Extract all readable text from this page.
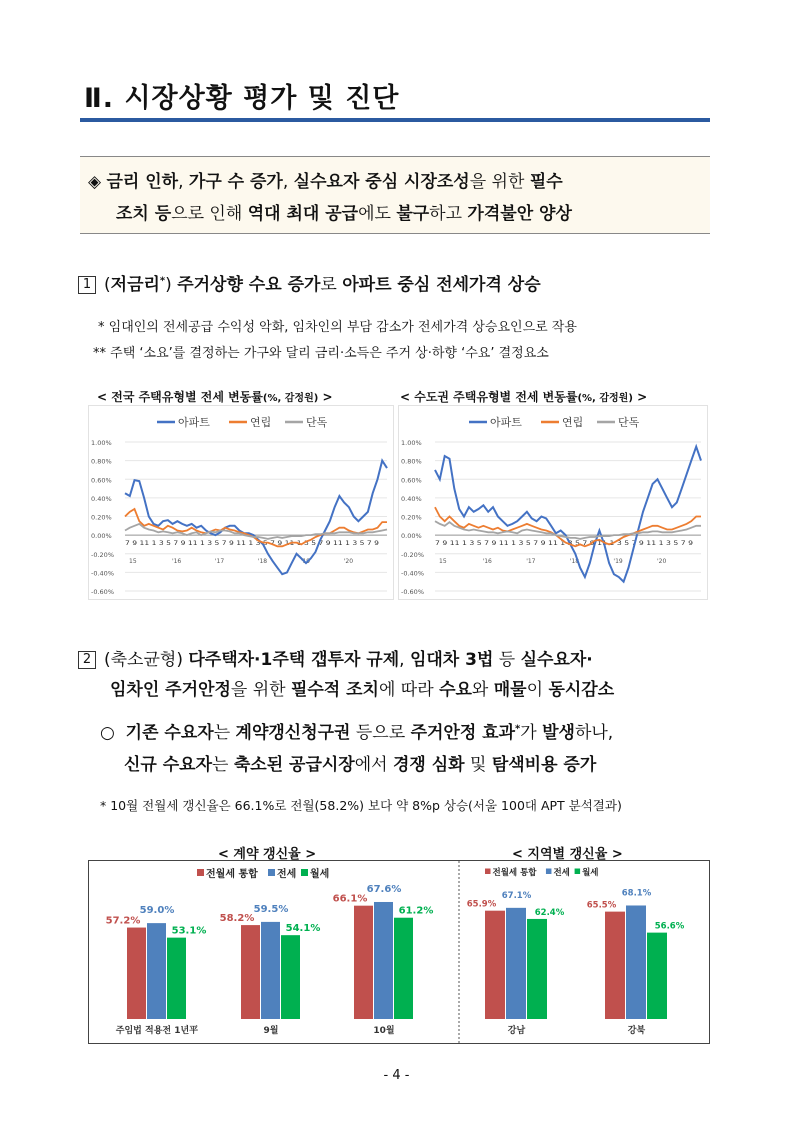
Ⅱ. 시장상황 평가 및 진단
◈ 금리 인하, 가구 수 증가, 실수요자 중심 시장조성을 위한 필수
조치 등으로 인해 역대 최대 공급에도 불구하고 가격불안 양상
1 (저금리*) 주거상향 수요 증가로 아파트 중심 전세가격 상승
* 임대인의 전세공급 수익성 악화, 임차인의 부담 감소가 전세가격 상승요인으로 작용
** 주택 ‘소요’를 결정하는 가구와 달리 금리·소득은 주거 상·하향 ‘수요’ 결정요소
< 전국 주택유형별 전세 변동률(%, 감정원) >	< 수도권 주택유형별 전세 변동률(%, 감정원) >
아파트	연립	단독
1.00%
0.80%
0.60%
0.40%
0.20%
0.00%
-0.20%
-0.40%
-0.60%
7 9 11 1 3 5 7 9 11 1 3 5 7 9 11 1 3 5 7 9 11 1 3 5 7 9 11 1 3 5 7 9
15	'16	'17	'18	'19	'20
아파트	연립	단독
1.00%
0.80%
0.60%
0.40%
0.20%
0.00%
-0.20%
-0.40%
-0.60%
7 9 11 1 3 5 7 9 11 1 3 5 7 9 11 1 3 5 7 9 11 1 3 5 7 9 11 1 3 5 7 9
15	'16	'17	'18	'19	'20
2 (축소균형) 다주택자·1주택 갭투자 규제, 임대차 3법 등 실수요자·
임차인 주거안정을 위한 필수적 조치에 따라 수요와 매물이 동시감소
○ 기존 수요자는 계약갱신청구권 등으로 주거안정 효과*가 발생하나,
신규 수요자는 축소된 공급시장에서 경쟁 심화 및 탐색비용 증가
* 10월 전월세 갱신율은 66.1%로 전월(58.2%) 보다 약 8%p 상승(서울 100대 APT 분석결과)
< 계약 갱신율 >	< 지역별 갱신율 >
전월세 통합 전세 월세	전월세 통합 전세 월세
57.2%
59.0%
53.1%
주임법 적용전 1년平
58.2%
59.5%
54.1%
9월
66.1%
67.6%
61.2%
10월
65.9%
67.1%
62.4%
강남
65.5%
68.1%
56.6%
강북
- 4 -
